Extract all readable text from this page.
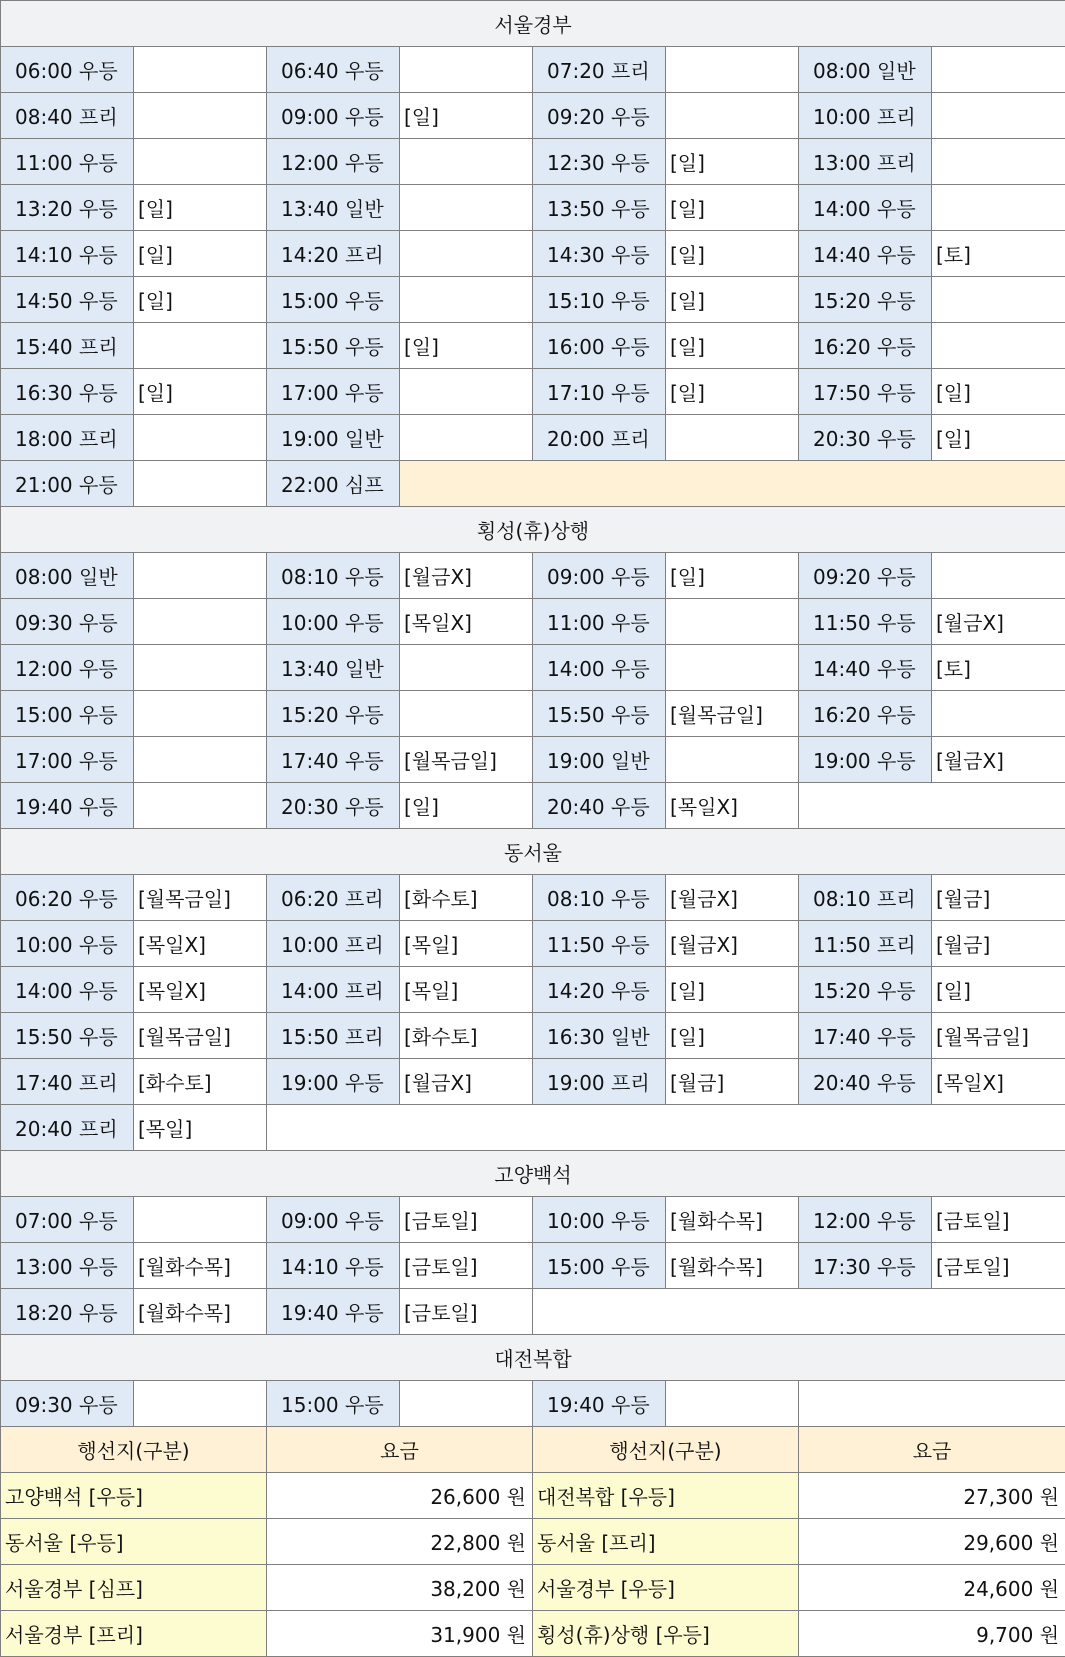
서울경부							
06:00 우등		06:40 우등		07:20 프리		08:00 일반	
08:40 프리		09:00 우등	[일]	09:20 우등		10:00 프리	
11:00 우등		12:00 우등		12:30 우등	[일]	13:00 프리	
13:20 우등	[일]	13:40 일반		13:50 우등	[일]	14:00 우등	
14:10 우등	[일]	14:20 프리		14:30 우등	[일]	14:40 우등	[토]
14:50 우등	[일]	15:00 우등		15:10 우등	[일]	15:20 우등	
15:40 프리		15:50 우등	[일]	16:00 우등	[일]	16:20 우등	
16:30 우등	[일]	17:00 우등		17:10 우등	[일]	17:50 우등	[일]
18:00 프리		19:00 일반		20:00 프리		20:30 우등	[일]
21:00 우등		22:00 심프					
횡성(휴)상행							
08:00 일반		08:10 우등	[월금X]	09:00 우등	[일]	09:20 우등	
09:30 우등		10:00 우등	[목일X]	11:00 우등		11:50 우등	[월금X]
12:00 우등		13:40 일반		14:00 우등		14:40 우등	[토]
15:00 우등		15:20 우등		15:50 우등	[월목금일]	16:20 우등	
17:00 우등		17:40 우등	[월목금일]	19:00 일반		19:00 우등	[월금X]
19:40 우등		20:30 우등	[일]	20:40 우등	[목일X]		
동서울							
06:20 우등	[월목금일]	06:20 프리	[화수토]	08:10 우등	[월금X]	08:10 프리	[월금]
10:00 우등	[목일X]	10:00 프리	[목일]	11:50 우등	[월금X]	11:50 프리	[월금]
14:00 우등	[목일X]	14:00 프리	[목일]	14:20 우등	[일]	15:20 우등	[일]
15:50 우등	[월목금일]	15:50 프리	[화수토]	16:30 일반	[일]	17:40 우등	[월목금일]
17:40 프리	[화수토]	19:00 우등	[월금X]	19:00 프리	[월금]	20:40 우등	[목일X]
20:40 프리	[목일]						
고양백석							
07:00 우등		09:00 우등	[금토일]	10:00 우등	[월화수목]	12:00 우등	[금토일]
13:00 우등	[월화수목]	14:10 우등	[금토일]	15:00 우등	[월화수목]	17:30 우등	[금토일]
18:20 우등	[월화수목]	19:40 우등	[금토일]				
대전복합							
09:30 우등		15:00 우등		19:40 우등			
행선지(구분)		요금		행선지(구분)		요금	
고양백석 [우등]		26,600 원		대전복합 [우등]		27,300 원	
동서울 [우등]		22,800 원		동서울 [프리]		29,600 원	
서울경부 [심프]		38,200 원		서울경부 [우등]		24,600 원	
서울경부 [프리]		31,900 원		횡성(휴)상행 [우등]		9,700 원	
